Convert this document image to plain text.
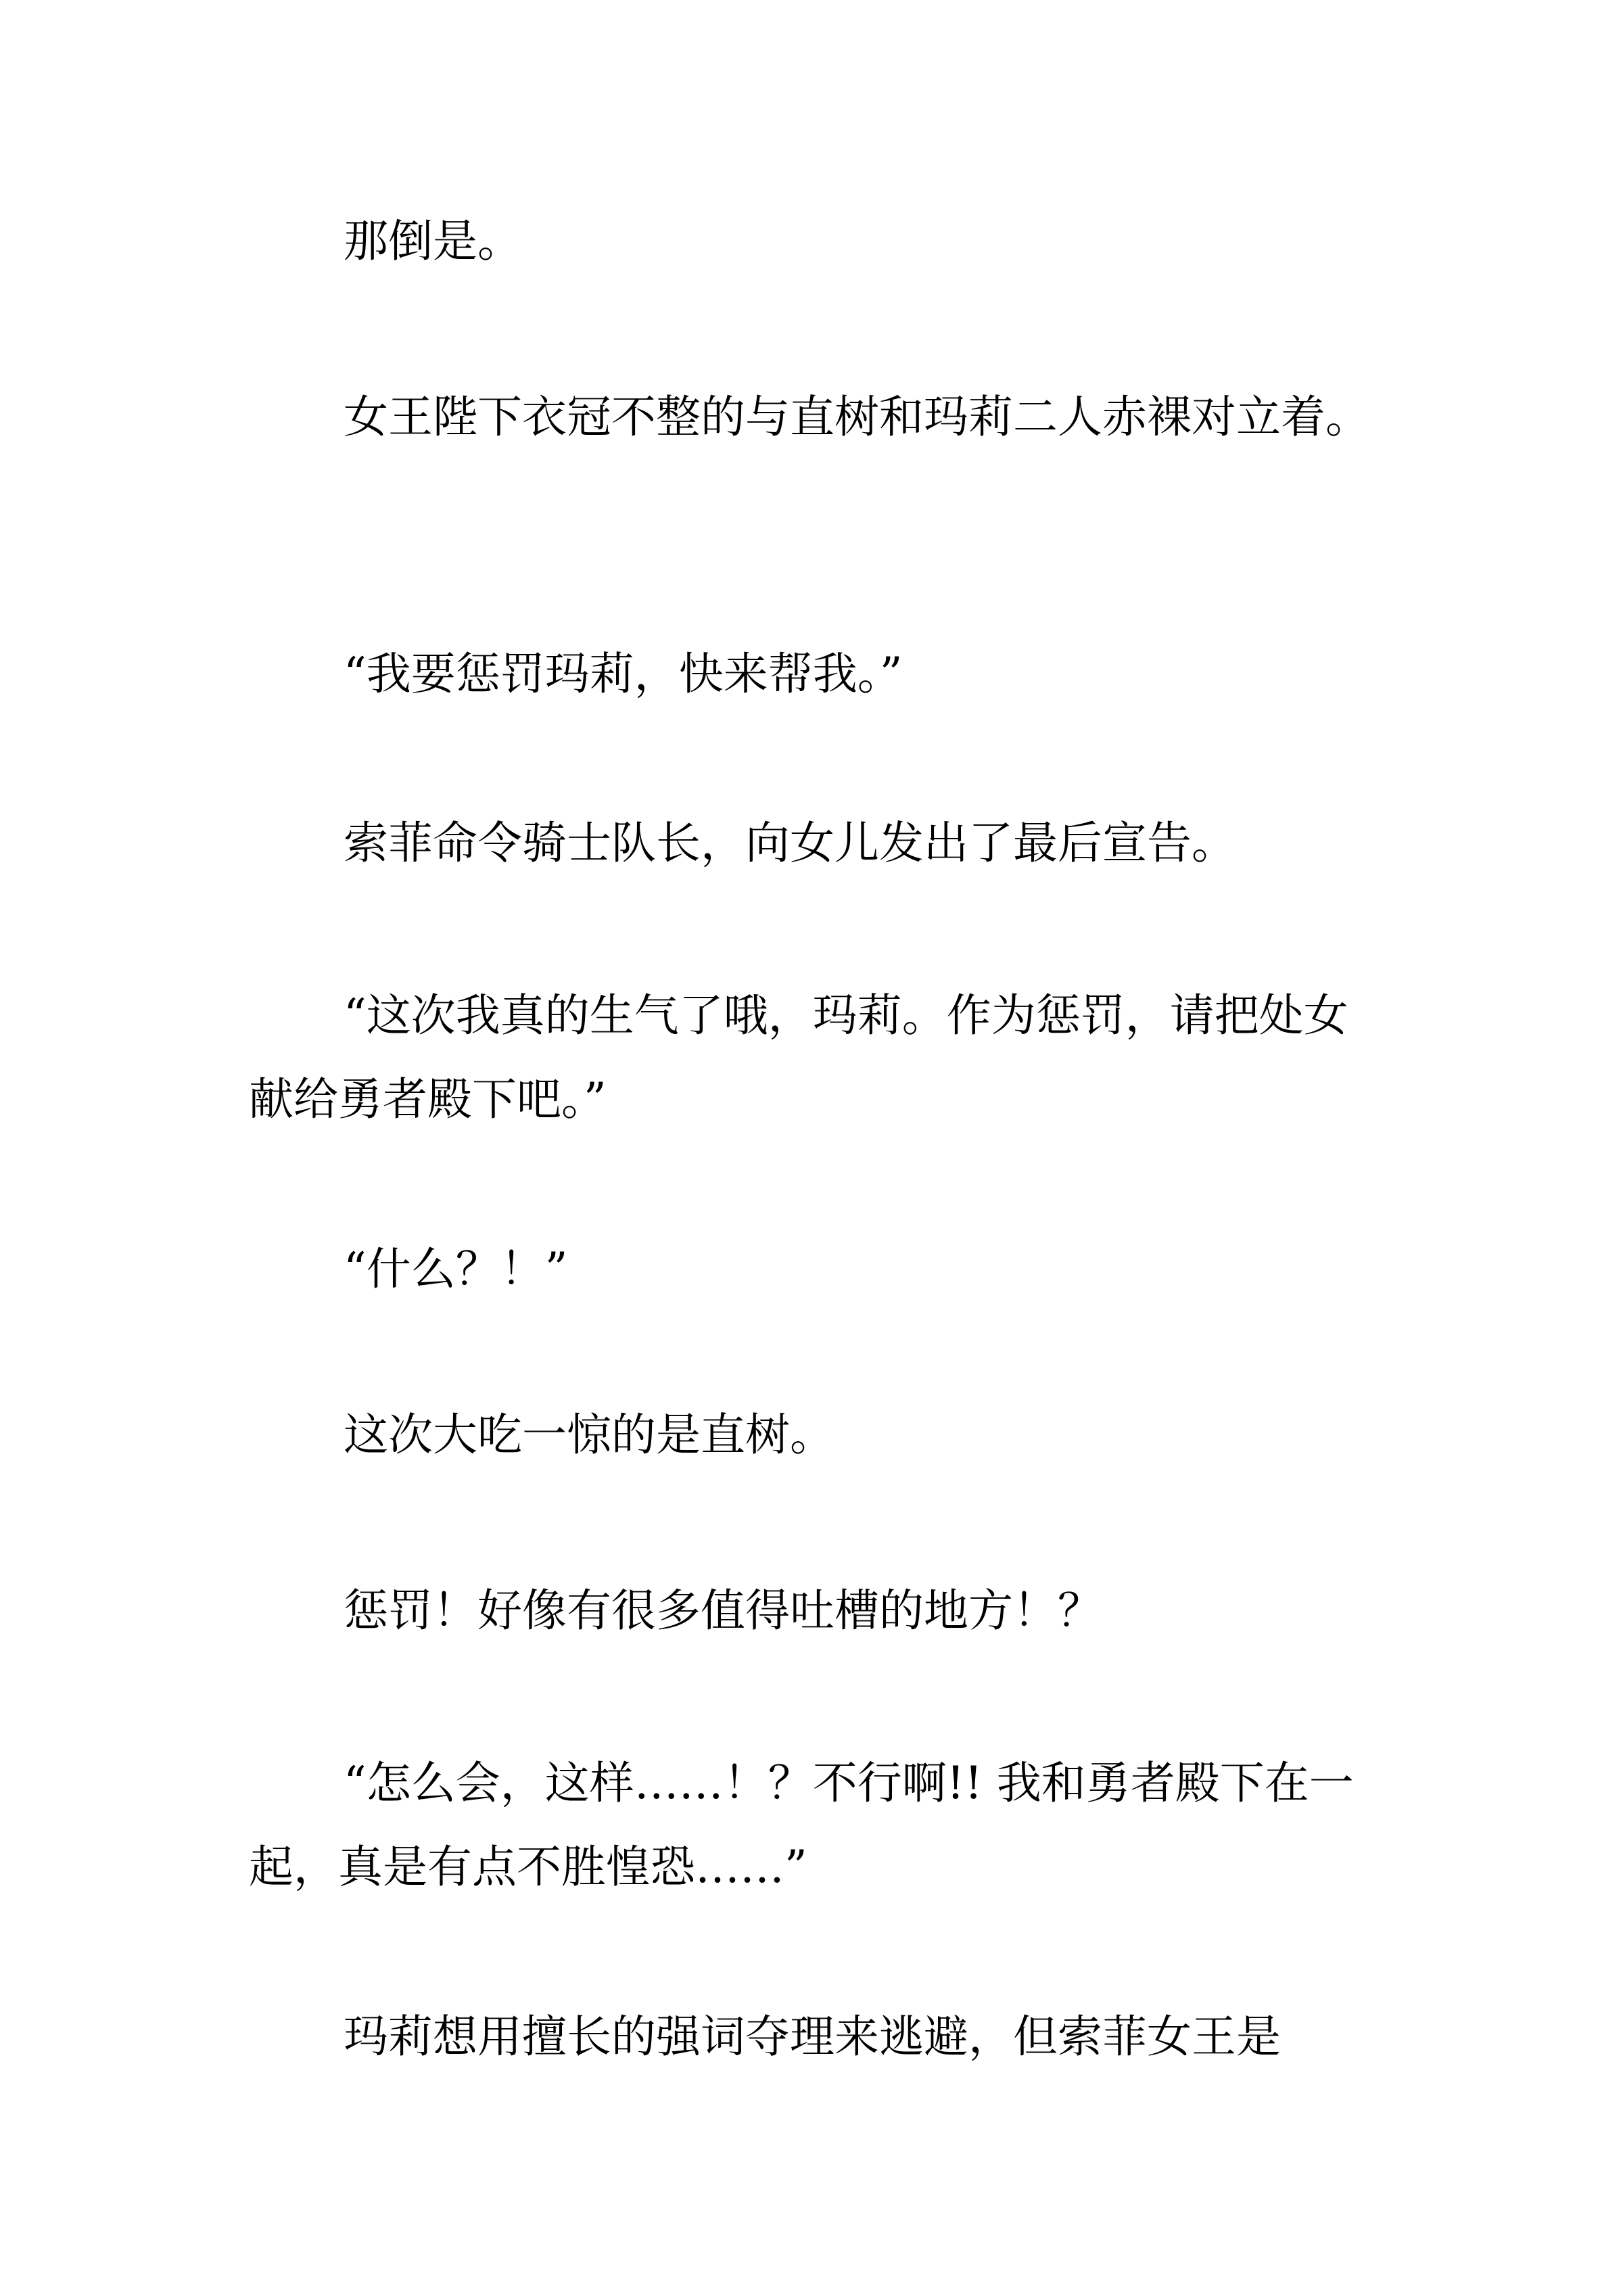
那倒是。

女王陛下衣冠不整的与直树和玛莉二人赤裸对立着。

“我要惩罚玛莉，快来帮我。”

索菲命令骑士队长，向女儿发出了最后宣告。

“这次我真的生气了哦，玛莉。作为惩罚，请把处女献给勇者殿下吧。”

“什么？！”

这次大吃一惊的是直树。

惩罚！好像有很多值得吐槽的地方！？

“怎么会，这样……！？不行啊!! 我和勇者殿下在一起，真是有点不胜惶恐……”

玛莉想用擅长的强词夺理来逃避，但索菲女王是
